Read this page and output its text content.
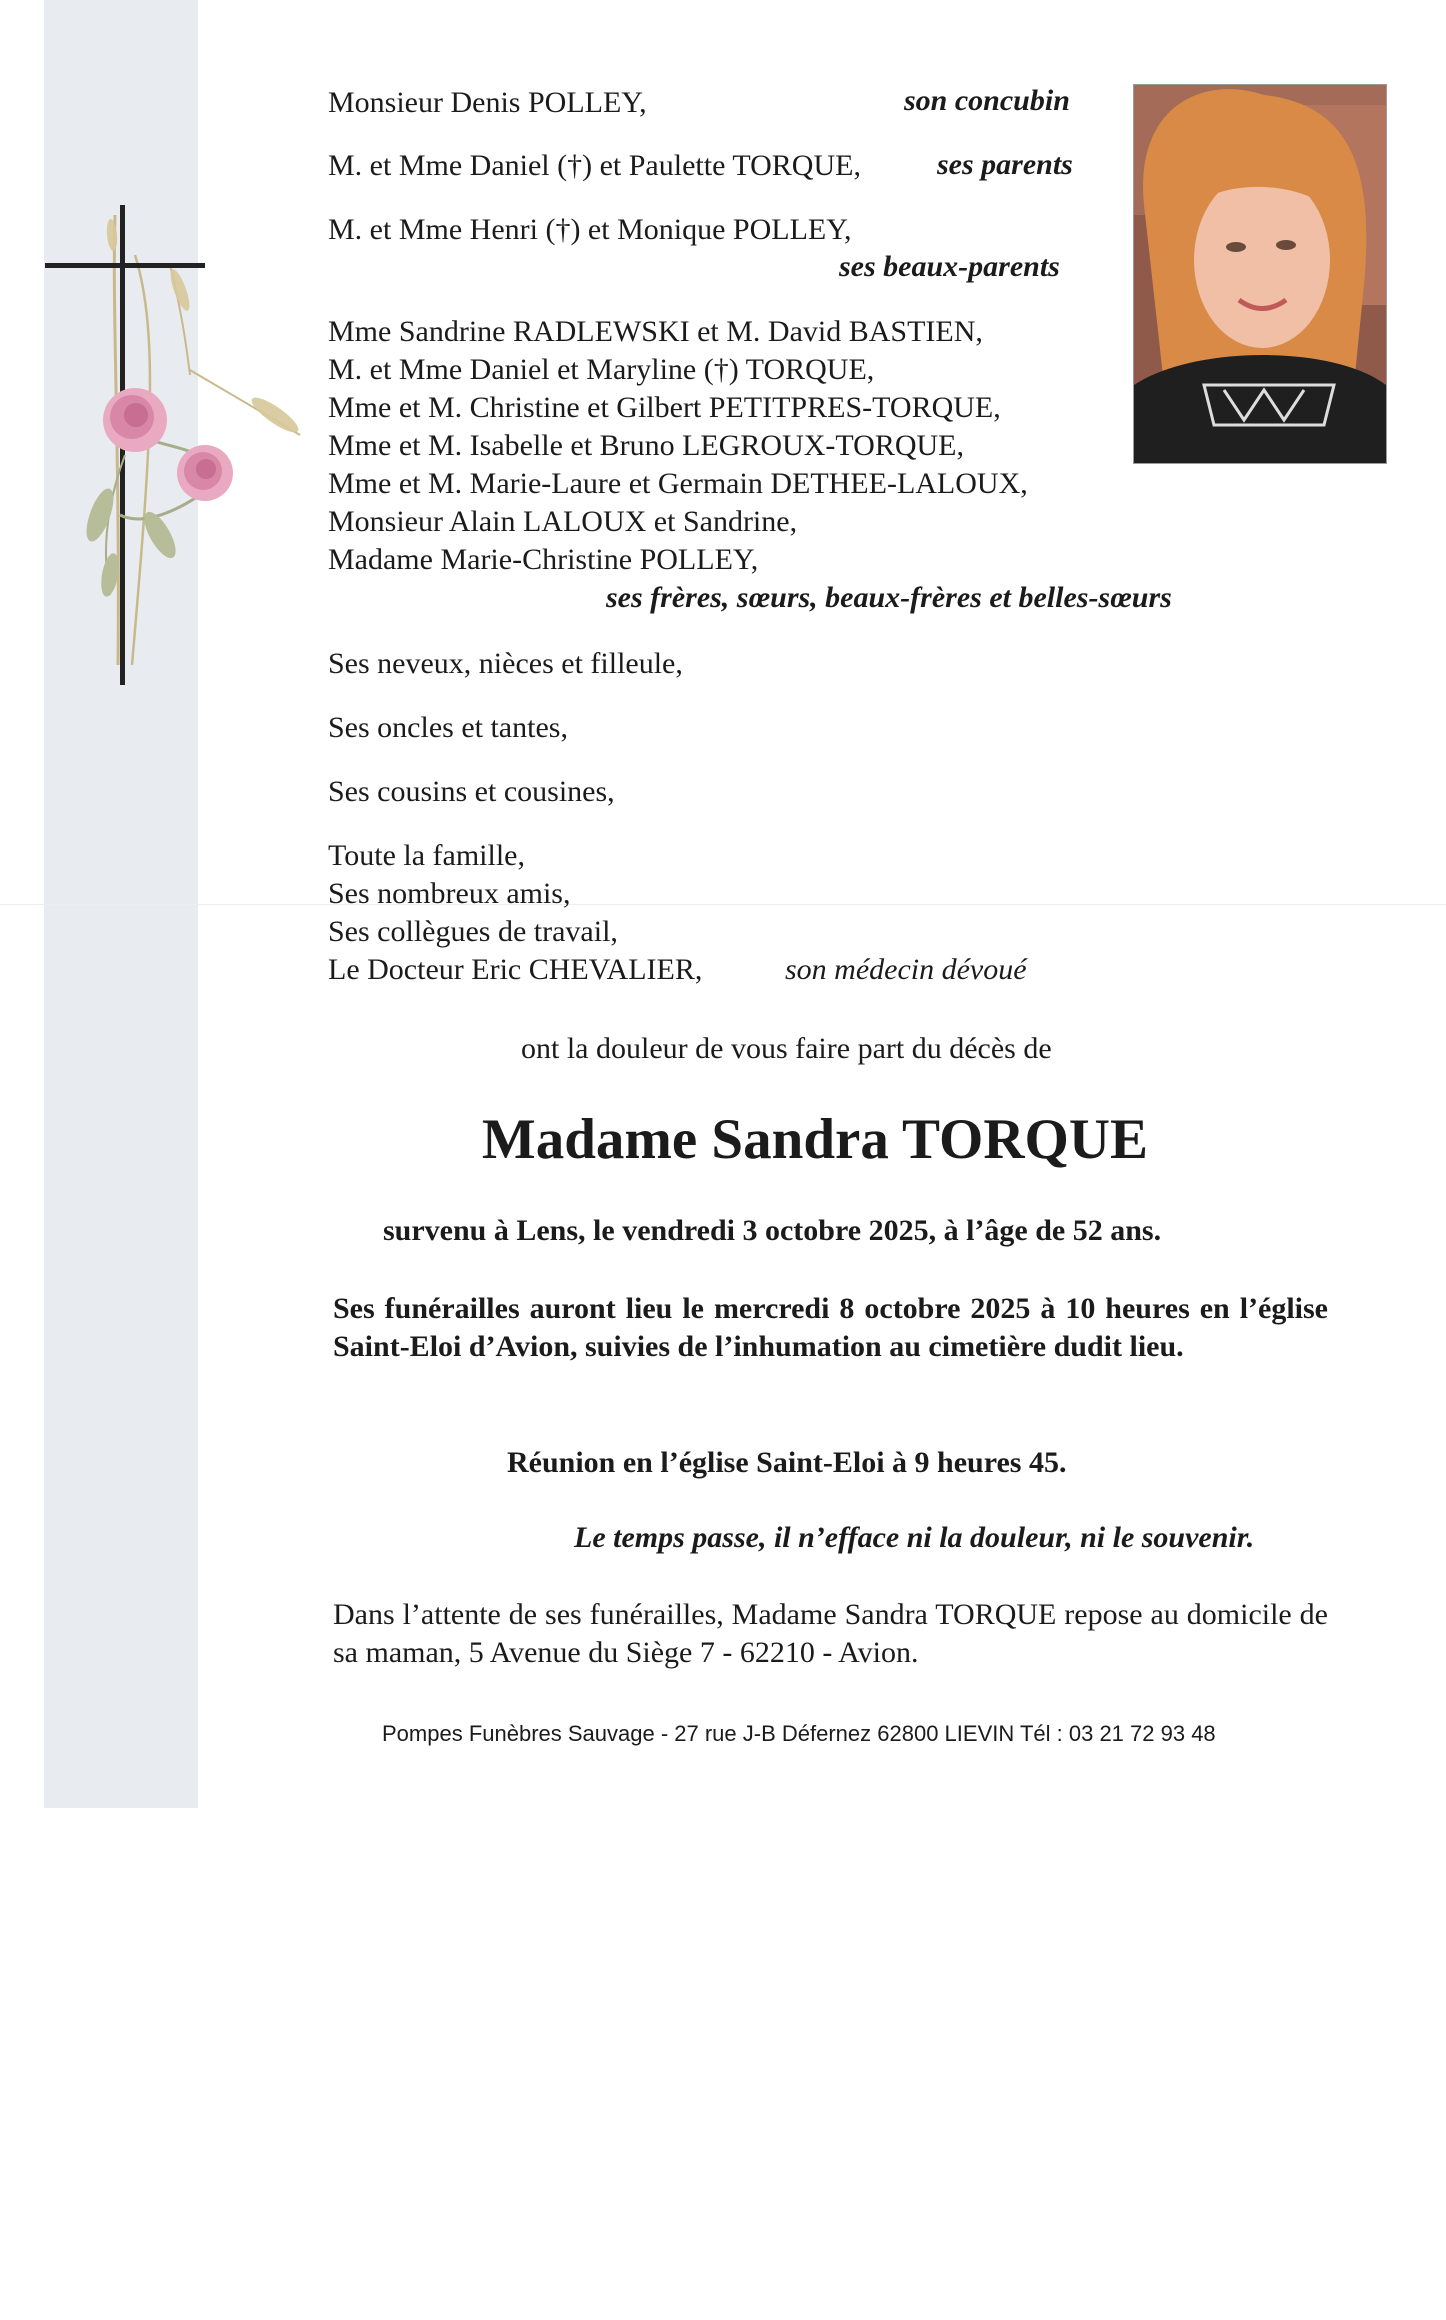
Monsieur Denis POLLEY,	son concubin
M. et Mme Daniel (†) et Paulette TORQUE,	ses parents
M. et Mme Henri (†) et Monique POLLEY,
ses beaux-parents
Mme Sandrine RADLEWSKI et M. David BASTIEN,
M. et Mme Daniel et Maryline (†) TORQUE,
Mme et M. Christine et Gilbert PETITPRES-TORQUE,
Mme et M. Isabelle et Bruno LEGROUX-TORQUE,
Mme et M. Marie-Laure et Germain DETHEE-LALOUX,
Monsieur Alain LALOUX et Sandrine,
Madame Marie-Christine POLLEY,
ses frères, sœurs, beaux-frères et belles-sœurs
Ses neveux, nièces et filleule,
Ses oncles et tantes,
Ses cousins et cousines,
Toute la famille,
Ses nombreux amis,
Ses collègues de travail,
Le Docteur Eric CHEVALIER,	son médecin dévoué
ont la douleur de vous faire part du décès de
Madame Sandra TORQUE
survenu à Lens, le vendredi 3 octobre 2025, à l’âge de 52 ans.
Ses funérailles auront lieu le mercredi 8 octobre 2025 à 10 heures en l’église Saint-Eloi d’Avion, suivies de l’inhumation au cimetière dudit lieu.
Réunion en l’église Saint-Eloi à 9 heures 45.
Le temps passe, il n’efface ni la douleur, ni le souvenir.
Dans l’attente de ses funérailles, Madame Sandra TORQUE repose au domicile de sa maman, 5 Avenue du Siège 7 - 62210 - Avion.
Pompes Funèbres Sauvage - 27 rue J-B Défernez 62800 LIEVIN Tél : 03 21 72 93 48
